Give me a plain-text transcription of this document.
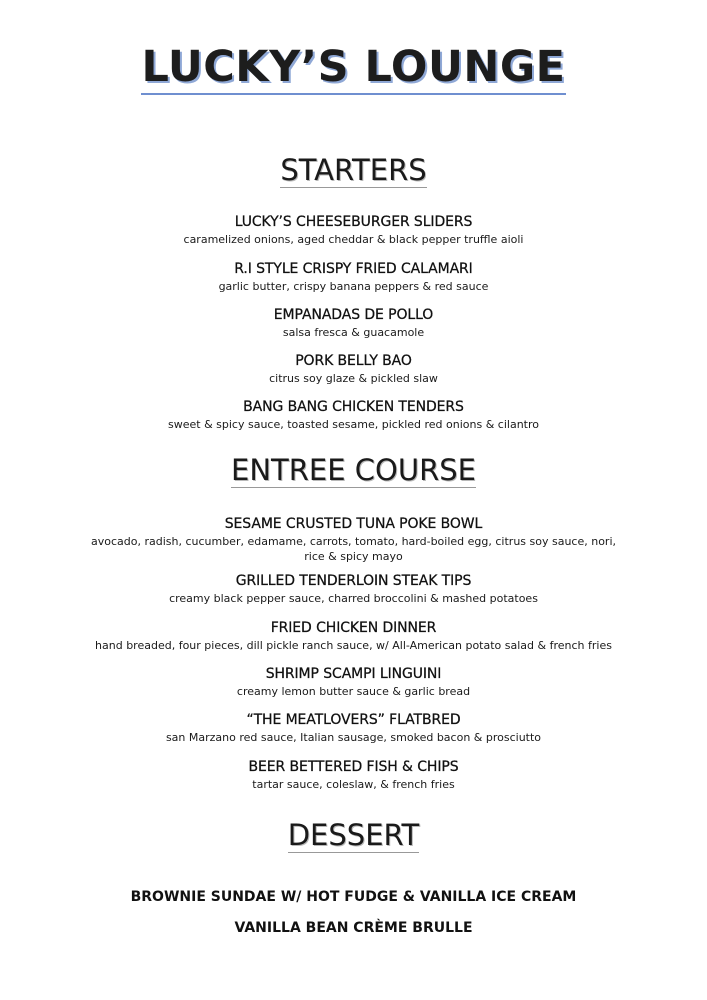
LUCKY’S LOUNGE
STARTERS
LUCKY’S CHEESEBURGER SLIDERS
caramelized onions, aged cheddar & black pepper truffle aioli
R.I STYLE CRISPY FRIED CALAMARI
garlic butter, crispy banana peppers & red sauce
EMPANADAS DE POLLO
salsa fresca & guacamole
PORK BELLY BAO
citrus soy glaze & pickled slaw
BANG BANG CHICKEN TENDERS
sweet & spicy sauce, toasted sesame, pickled red onions & cilantro
ENTREE COURSE
SESAME CRUSTED TUNA POKE BOWL
avocado, radish, cucumber, edamame, carrots, tomato, hard-boiled egg, citrus soy sauce, nori,
rice & spicy mayo
GRILLED TENDERLOIN STEAK TIPS
creamy black pepper sauce, charred broccolini & mashed potatoes
FRIED CHICKEN DINNER
hand breaded, four pieces, dill pickle ranch sauce, w/ All-American potato salad & french fries
SHRIMP SCAMPI LINGUINI
creamy lemon butter sauce & garlic bread
“THE MEATLOVERS” FLATBRED
san Marzano red sauce, Italian sausage, smoked bacon & prosciutto
BEER BETTERED FISH & CHIPS
tartar sauce, coleslaw, & french fries
DESSERT
BROWNIE SUNDAE W/ HOT FUDGE & VANILLA ICE CREAM
VANILLA BEAN CRÈME BRULLE
